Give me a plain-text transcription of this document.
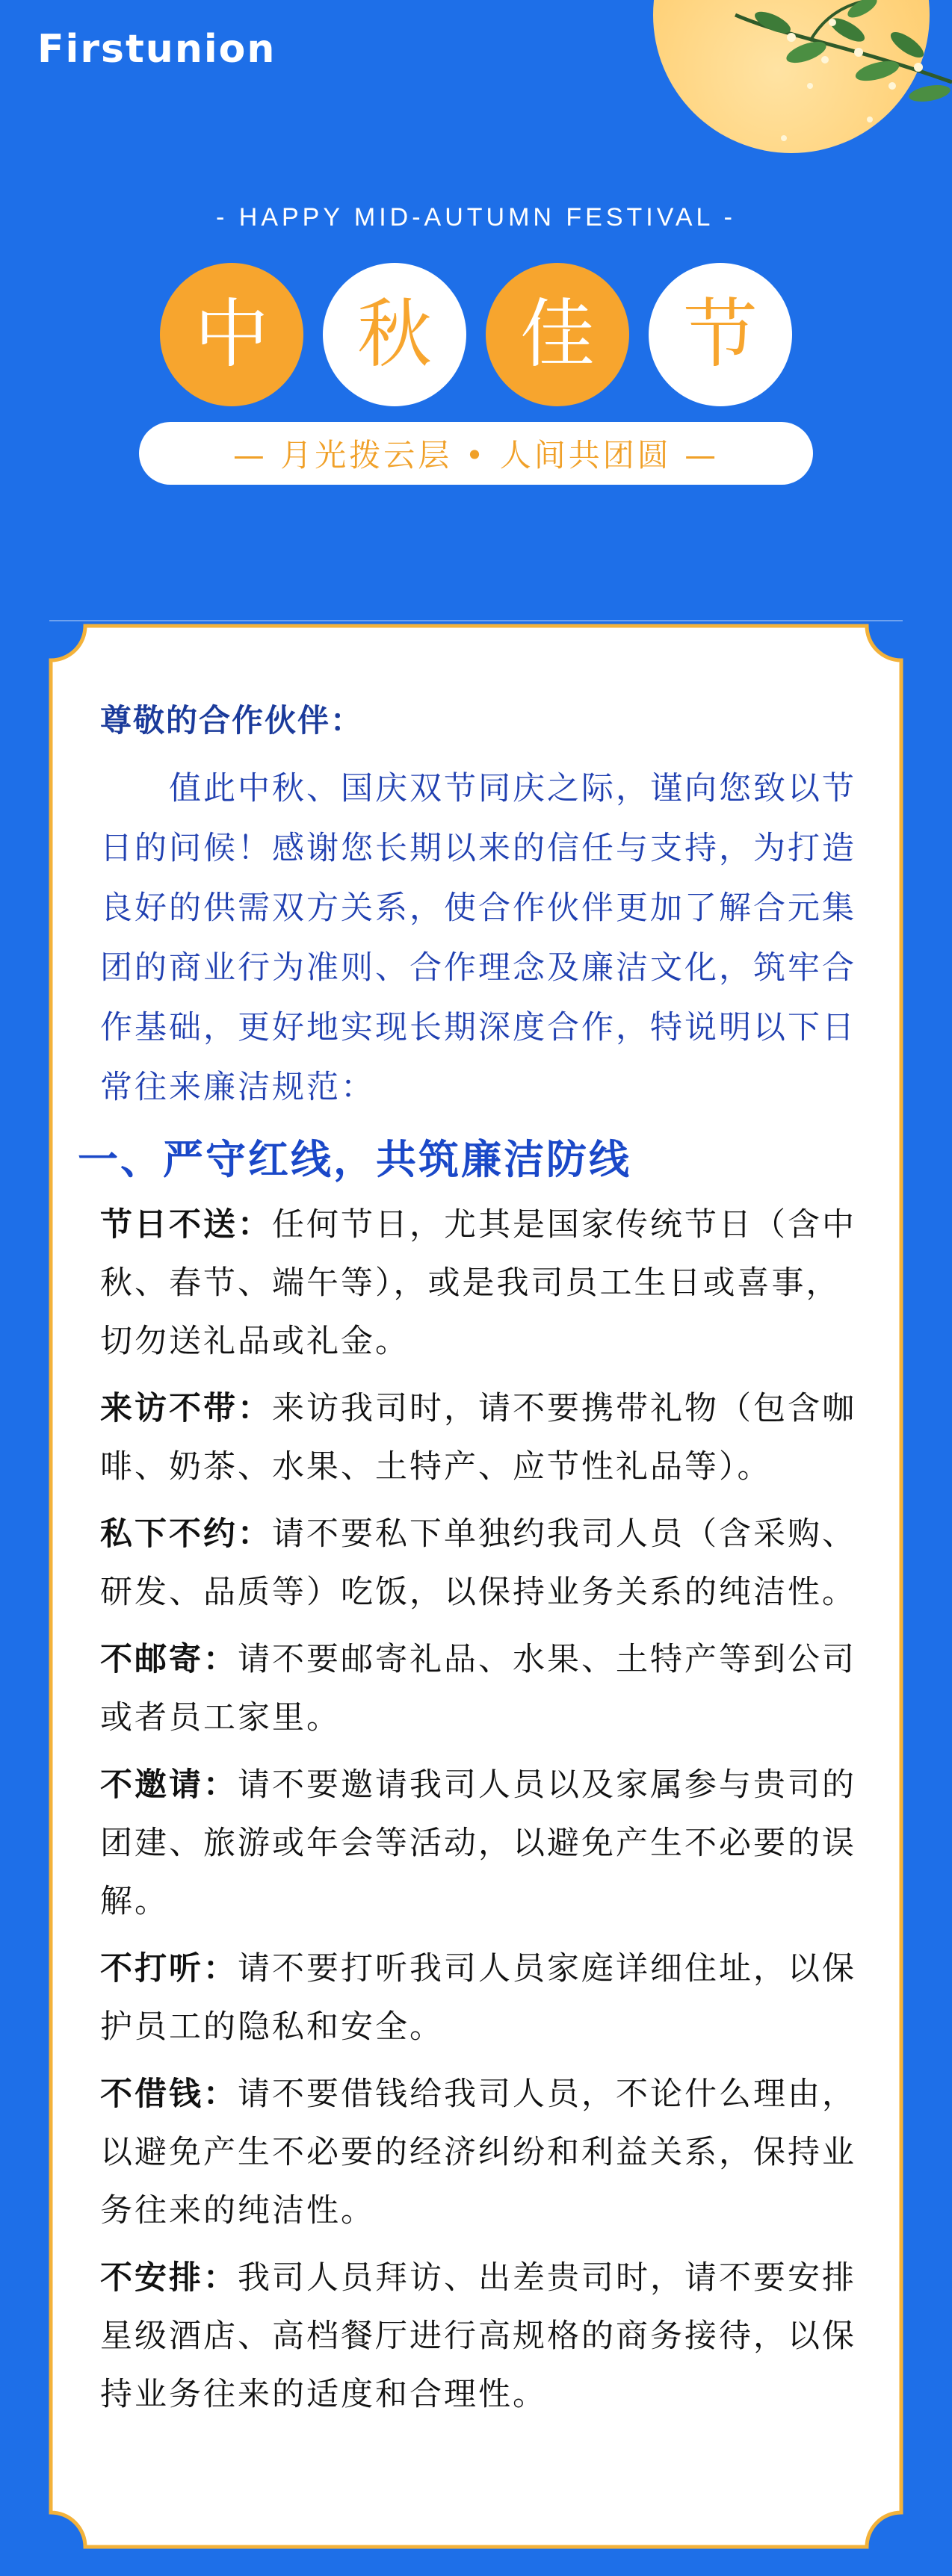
Firstunion
- HAPPY MID-AUTUMN FESTIVAL -
中	秋	佳	节
— 月光拨云层 • 人间共团圆 —

尊敬的合作伙伴：

　　值此中秋、国庆双节同庆之际，谨向您致以节日的问候！感谢您长期以来的信任与支持，为打造良好的供需双方关系，使合作伙伴更加了解合元集团的商业行为准则、合作理念及廉洁文化，筑牢合作基础，更好地实现长期深度合作，特说明以下日常往来廉洁规范：

一、严守红线，共筑廉洁防线

节日不送：任何节日，尤其是国家传统节日（含中秋、春节、端午等），或是我司员工生日或喜事，切勿送礼品或礼金。

来访不带：来访我司时，请不要携带礼物（包含咖啡、奶茶、水果、土特产、应节性礼品等）。

私下不约：请不要私下单独约我司人员（含采购、研发、品质等）吃饭，以保持业务关系的纯洁性。

不邮寄：请不要邮寄礼品、水果、土特产等到公司或者员工家里。

不邀请：请不要邀请我司人员以及家属参与贵司的团建、旅游或年会等活动，以避免产生不必要的误解。

不打听：请不要打听我司人员家庭详细住址，以保护员工的隐私和安全。

不借钱：请不要借钱给我司人员，不论什么理由，以避免产生不必要的经济纠纷和利益关系，保持业务往来的纯洁性。

不安排：我司人员拜访、出差贵司时，请不要安排星级酒店、高档餐厅进行高规格的商务接待，以保持业务往来的适度和合理性。
